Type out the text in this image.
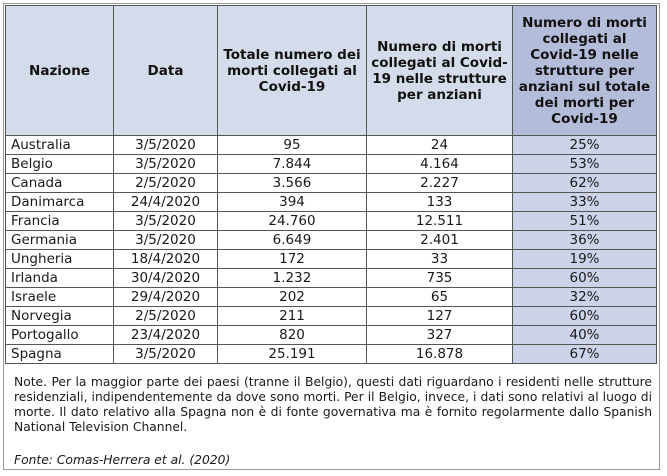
Nazione	Data	Totale numero dei morti collegati al Covid-19	Numero di morti collegati al Covid-19 nelle strutture per anziani	Numero di morti collegati al Covid-19 nelle strutture per anziani sul totale dei morti per Covid-19
Australia	3/5/2020	95	24	25%
Belgio	3/5/2020	7.844	4.164	53%
Canada	2/5/2020	3.566	2.227	62%
Danimarca	24/4/2020	394	133	33%
Francia	3/5/2020	24.760	12.511	51%
Germania	3/5/2020	6.649	2.401	36%
Ungheria	18/4/2020	172	33	19%
Irlanda	30/4/2020	1.232	735	60%
Israele	29/4/2020	202	65	32%
Norvegia	2/5/2020	211	127	60%
Portogallo	23/4/2020	820	327	40%
Spagna	3/5/2020	25.191	16.878	67%
Note. Per la maggior parte dei paesi (tranne il Belgio), questi dati riguardano i residenti nelle strutture residenziali, indipendentemente da dove sono morti. Per il Belgio, invece, i dati sono relativi al luogo di morte. Il dato relativo alla Spagna non è di fonte governativa ma è fornito regolarmente dallo Spanish National Television Channel.
Fonte: Comas-Herrera et al. (2020)
